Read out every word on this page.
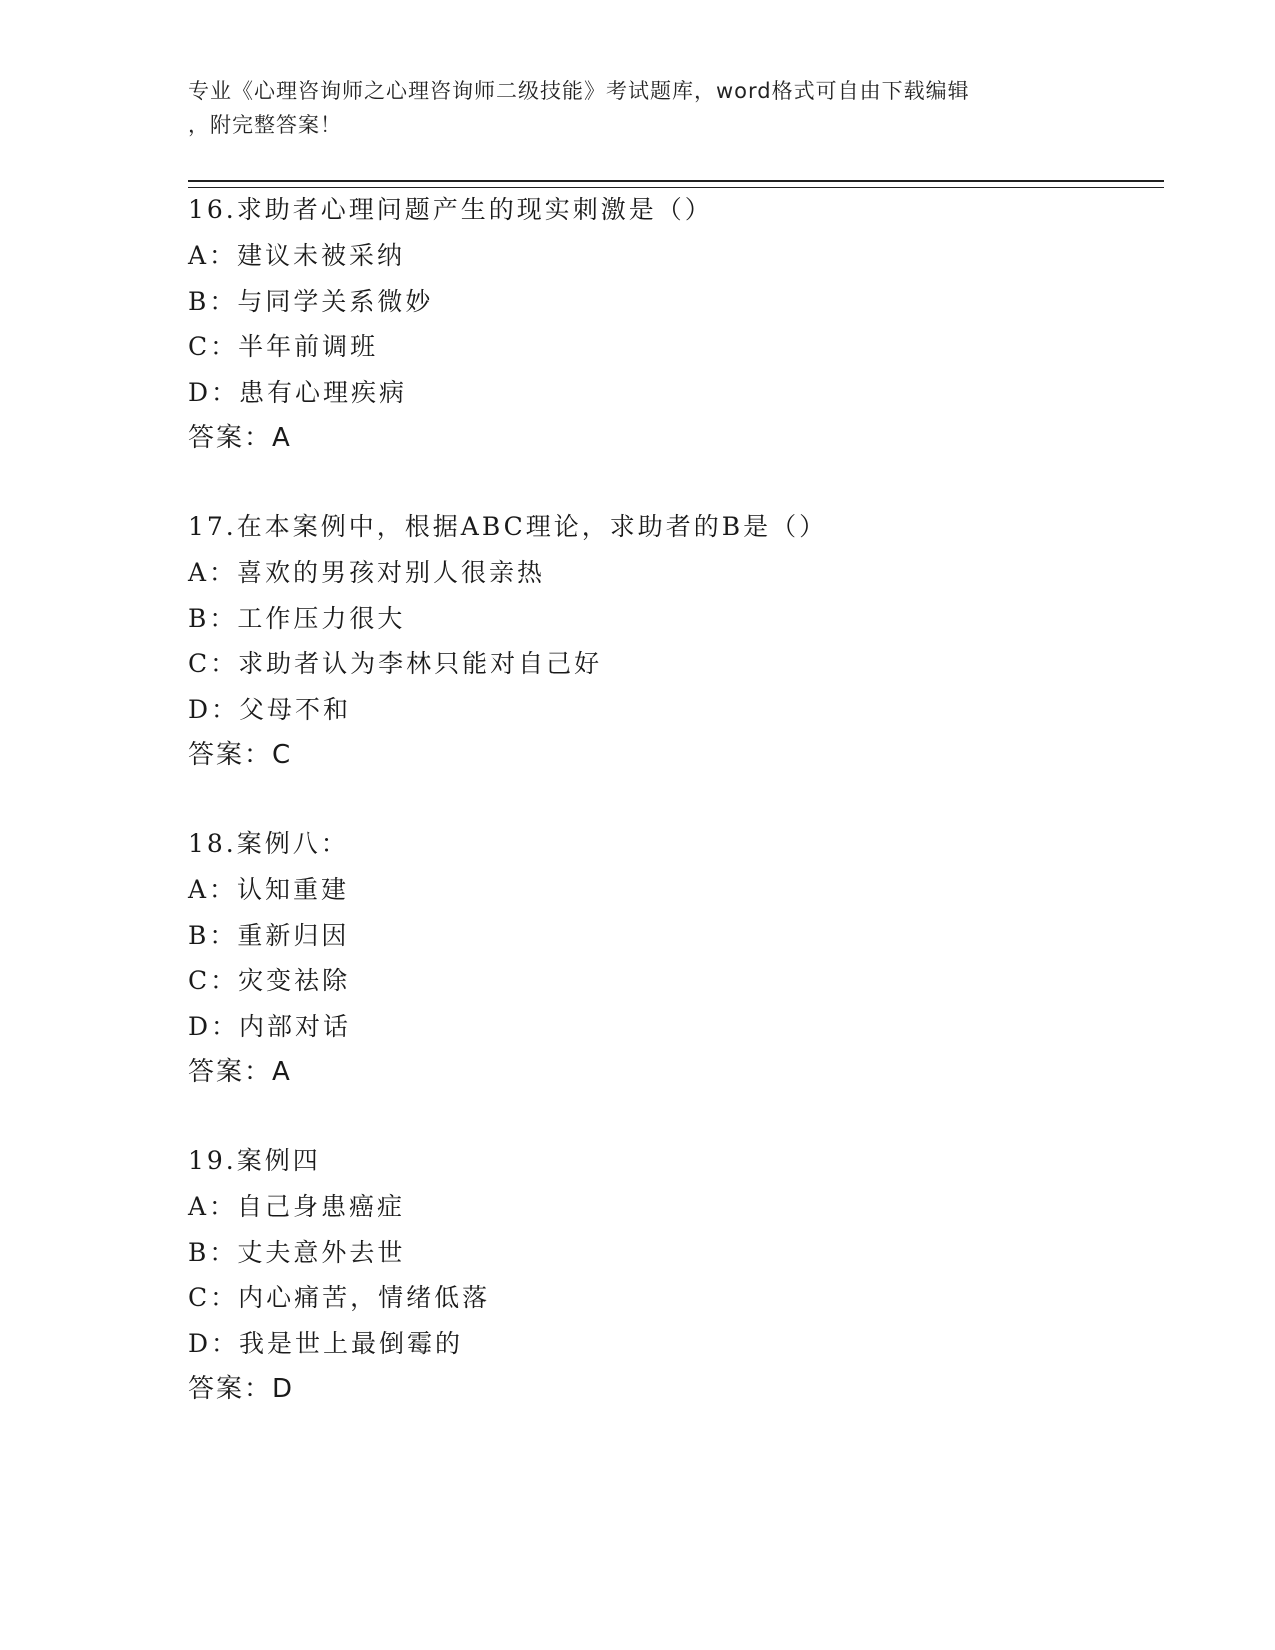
专业《心理咨询师之心理咨询师二级技能》考试题库，word格式可自由下载编辑
，附完整答案！
16.求助者心理问题产生的现实刺激是（）
A：建议未被采纳
B：与同学关系微妙
C：半年前调班
D：患有心理疾病
答案：A
17.在本案例中，根据ABC理论，求助者的B是（）
A：喜欢的男孩对别人很亲热
B：工作压力很大
C：求助者认为李林只能对自己好
D：父母不和
答案：C
18.案例八：
A：认知重建
B：重新归因
C：灾变祛除
D：内部对话
答案：A
19.案例四
A：自己身患癌症
B：丈夫意外去世
C：内心痛苦，情绪低落
D：我是世上最倒霉的
答案：D
